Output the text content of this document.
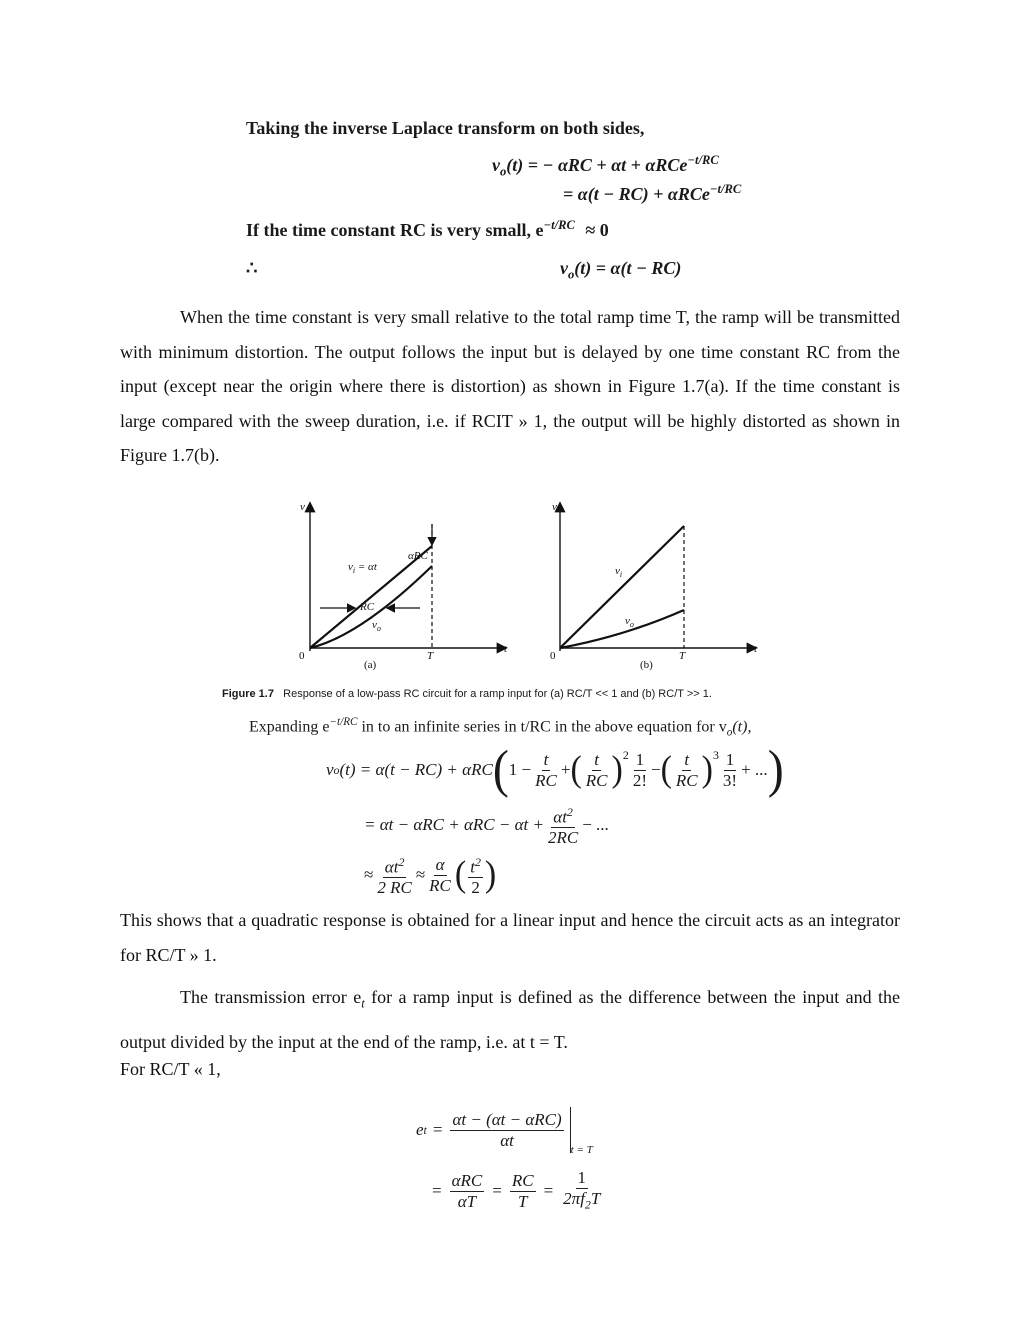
Taking the inverse Laplace transform on both sides,
$v_o(t)$ = − αRC + αt + αRCe$^{-t/RC}$
= α(t − RC) + αRCe$^{-t/RC}$
If the time constant RC is very small, $e^{-t/RC} \approx 0$
∴	$v_o(t) = \alpha(t - RC)$

When the time constant is very small relative to the total ramp time T, the ramp will be transmitted with minimum distortion. The output follows the input but is delayed by one time constant RC from the input (except near the origin where there is distortion) as shown in Figure 1.7(a). If the time constant is large compared with the sweep duration, i.e. if RCIT » 1, the output will be highly distorted as shown in Figure 1.7(b).

v
t
0	T
$v_i = \alpha t$
αRC
RC
$v_o$
(a)
v
t
0	T
$v_i$
$v_o$
(b)
Figure 1.7 Response of a low-pass RC circuit for a ramp input for (a) RC/T << 1 and (b) RC/T >> 1.
Expanding $e^{-t/RC}$ in to an infinite series in t/RC in the above equation for $v_o(t)$,
v o (t) = α(t − RC) + αRC ( $1 - \frac{t}{RC}$ + ( $\frac{t}{RC} )^2 \frac{1}{2!}$ − ( $\frac{t}{RC} )^3 \frac{1}{3!}$ + ... )
= $\alpha t - \alpha RC + \alpha RC - \alpha t + \frac{\alpha t^2}{2RC}$ − ...
≈ $\frac{\alpha t^2}{2 RC} \approx \frac{\alpha}{RC}$ ( $\frac{t^2}{2}$ )

This shows that a quadratic response is obtained for a linear input and hence the circuit acts as an integrator for RC/T » 1.

The transmission error $e_t$ for a ramp input is defined as the difference between the input and the output divided by the input at the end of the ramp, i.e. at t = T.

For RC/T « 1,
e $t = \frac{\text{αt − (αt − αRC)}}{\alpha t}$ t = T
= $\frac{\text{αRC}}{\alpha T} = \frac{RC}{T} = \frac{1}{2\pi f_2T}$
